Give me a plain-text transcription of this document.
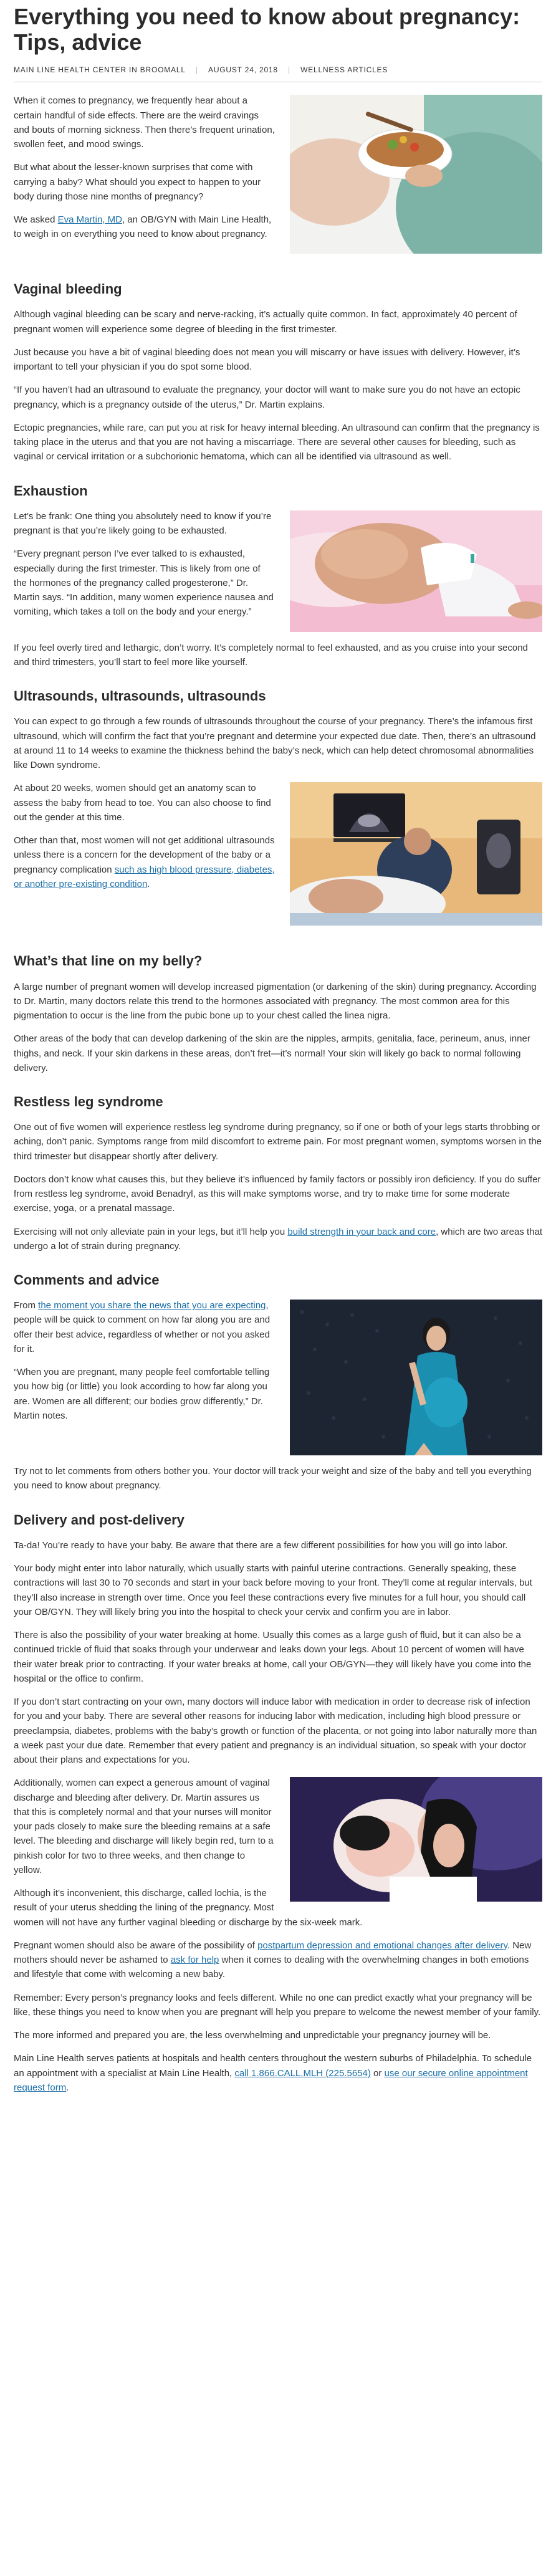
Everything you need to know about pregnancy: Tips, advice
MAIN LINE HEALTH CENTER IN BROOMALL | AUGUST 24, 2018 | WELLNESS ARTICLES

When it comes to pregnancy, we frequently hear about a certain handful of side effects. There are the weird cravings and bouts of morning sickness. Then there’s frequent urination, swollen feet, and mood swings.

But what about the lesser-known surprises that come with carrying a baby? What should you expect to happen to your body during those nine months of pregnancy?

We asked Eva Martin, MD, an OB/GYN with Main Line Health, to weigh in on everything you need to know about pregnancy.

Vaginal bleeding

Although vaginal bleeding can be scary and nerve-racking, it’s actually quite common. In fact, approximately 40 percent of pregnant women will experience some degree of bleeding in the first trimester.

Just because you have a bit of vaginal bleeding does not mean you will miscarry or have issues with delivery. However, it’s important to tell your physician if you do spot some blood.

“If you haven’t had an ultrasound to evaluate the pregnancy, your doctor will want to make sure you do not have an ectopic pregnancy, which is a pregnancy outside of the uterus,” Dr. Martin explains.

Ectopic pregnancies, while rare, can put you at risk for heavy internal bleeding. An ultrasound can confirm that the pregnancy is taking place in the uterus and that you are not having a miscarriage. There are several other causes for bleeding, such as vaginal or cervical irritation or a subchorionic hematoma, which can all be identified via ultrasound as well.

Exhaustion

Let’s be frank: One thing you absolutely need to know if you’re pregnant is that you’re likely going to be exhausted.

“Every pregnant person I’ve ever talked to is exhausted, especially during the first trimester. This is likely from one of the hormones of the pregnancy called progesterone,” Dr. Martin says. “In addition, many women experience nausea and vomiting, which takes a toll on the body and your energy.”

If you feel overly tired and lethargic, don’t worry. It’s completely normal to feel exhausted, and as you cruise into your second and third trimesters, you’ll start to feel more like yourself.

Ultrasounds, ultrasounds, ultrasounds

You can expect to go through a few rounds of ultrasounds throughout the course of your pregnancy. There’s the infamous first ultrasound, which will confirm the fact that you’re pregnant and determine your expected due date. Then, there’s an ultrasound at around 11 to 14 weeks to examine the thickness behind the baby’s neck, which can help detect chromosomal abnormalities like Down syndrome.

At about 20 weeks, women should get an anatomy scan to assess the baby from head to toe. You can also choose to find out the gender at this time.

Other than that, most women will not get additional ultrasounds unless there is a concern for the development of the baby or a pregnancy complication such as high blood pressure, diabetes, or another pre-existing condition.

What’s that line on my belly?

A large number of pregnant women will develop increased pigmentation (or darkening of the skin) during pregnancy. According to Dr. Martin, many doctors relate this trend to the hormones associated with pregnancy. The most common area for this pigmentation to occur is the line from the pubic bone up to your chest called the linea nigra.

Other areas of the body that can develop darkening of the skin are the nipples, armpits, genitalia, face, perineum, anus, inner thighs, and neck. If your skin darkens in these areas, don’t fret—it’s normal! Your skin will likely go back to normal following delivery.

Restless leg syndrome

One out of five women will experience restless leg syndrome during pregnancy, so if one or both of your legs starts throbbing or aching, don’t panic. Symptoms range from mild discomfort to extreme pain. For most pregnant women, symptoms worsen in the third trimester but disappear shortly after delivery.

Doctors don’t know what causes this, but they believe it’s influenced by family factors or possibly iron deficiency. If you do suffer from restless leg syndrome, avoid Benadryl, as this will make symptoms worse, and try to make time for some moderate exercise, yoga, or a prenatal massage.

Exercising will not only alleviate pain in your legs, but it’ll help you build strength in your back and core, which are two areas that undergo a lot of strain during pregnancy.

Comments and advice

From the moment you share the news that you are expecting, people will be quick to comment on how far along you are and offer their best advice, regardless of whether or not you asked for it.

“When you are pregnant, many people feel comfortable telling you how big (or little) you look according to how far along you are. Women are all different; our bodies grow differently,” Dr. Martin notes.

Try not to let comments from others bother you. Your doctor will track your weight and size of the baby and tell you everything you need to know about pregnancy.

Delivery and post-delivery

Ta-da! You’re ready to have your baby. Be aware that there are a few different possibilities for how you will go into labor.

Your body might enter into labor naturally, which usually starts with painful uterine contractions. Generally speaking, these contractions will last 30 to 70 seconds and start in your back before moving to your front. They’ll come at regular intervals, but they’ll also increase in strength over time. Once you feel these contractions every five minutes for a full hour, you should call your OB/GYN. They will likely bring you into the hospital to check your cervix and confirm you are in labor.

There is also the possibility of your water breaking at home. Usually this comes as a large gush of fluid, but it can also be a continued trickle of fluid that soaks through your underwear and leaks down your legs. About 10 percent of women will have their water break prior to contracting. If your water breaks at home, call your OB/GYN—they will likely have you come into the hospital or the office to confirm.

If you don’t start contracting on your own, many doctors will induce labor with medication in order to decrease risk of infection for you and your baby. There are several other reasons for inducing labor with medication, including high blood pressure or preeclampsia, diabetes, problems with the baby’s growth or function of the placenta, or not going into labor naturally more than a week past your due date. Remember that every patient and pregnancy is an individual situation, so speak with your doctor about their plans and expectations for you.

Additionally, women can expect a generous amount of vaginal discharge and bleeding after delivery. Dr. Martin assures us that this is completely normal and that your nurses will monitor your pads closely to make sure the bleeding remains at a safe level. The bleeding and discharge will likely begin red, turn to a pinkish color for two to three weeks, and then change to yellow.

Although it’s inconvenient, this discharge, called lochia, is the result of your uterus shedding the lining of the pregnancy. Most women will not have any further vaginal bleeding or discharge by the six-week mark.

Pregnant women should also be aware of the possibility of postpartum depression and emotional changes after delivery. New mothers should never be ashamed to ask for help when it comes to dealing with the overwhelming changes in both emotions and lifestyle that come with welcoming a new baby.

Remember: Every person’s pregnancy looks and feels different. While no one can predict exactly what your pregnancy will be like, these things you need to know when you are pregnant will help you prepare to welcome the newest member of your family.

The more informed and prepared you are, the less overwhelming and unpredictable your pregnancy journey will be.

Main Line Health serves patients at hospitals and health centers throughout the western suburbs of Philadelphia. To schedule an appointment with a specialist at Main Line Health, call 1.866.CALL.MLH (225.5654) or use our secure online appointment request form.
